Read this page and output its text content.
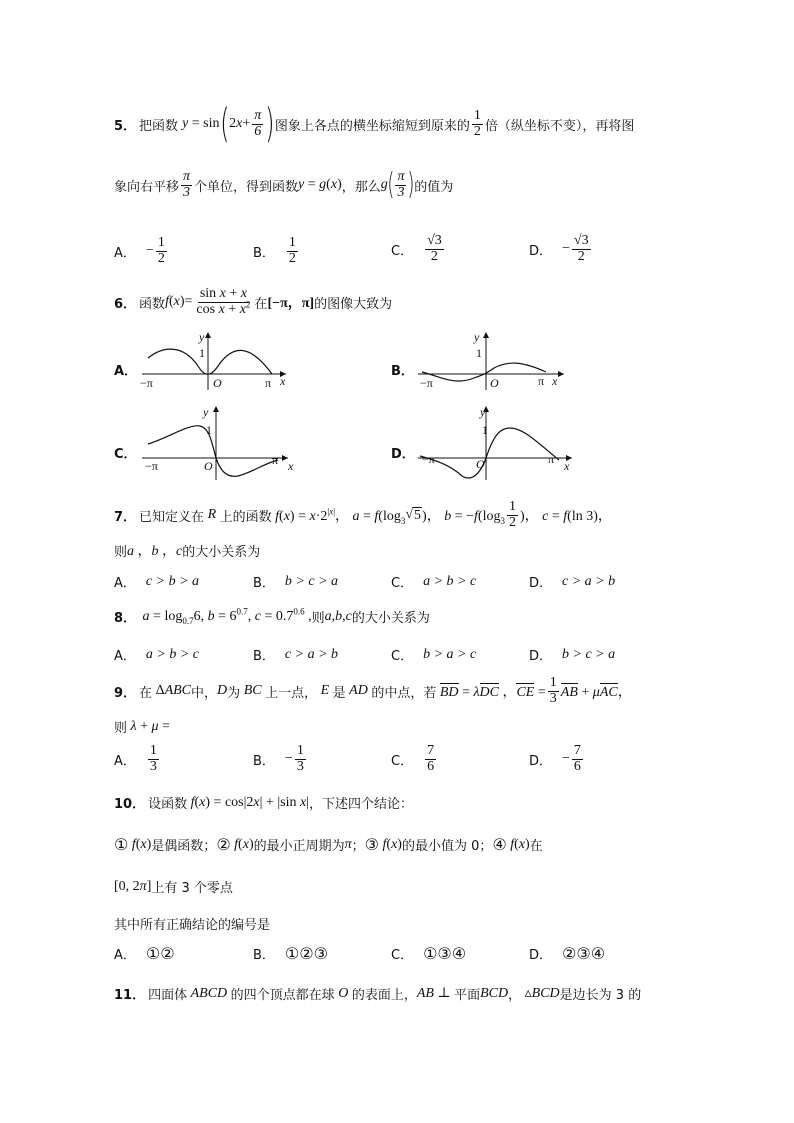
5． 把函数 y = sin ( $2x+ \frac{\pi}{6}$ ) 图象上各点的横坐标缩短到原来的 $\frac{1}{2}$ 倍（纵坐标不变），再将图
象向右平移 $\frac{\pi}{3}$ 个单位，得到函数 y = g ( x ) ，那么 g ( $\frac{\pi}{3}$ ) 的值为
A． − $\frac{1}{2}$	B． $\frac{1}{2}$	C． $\frac{√3}{2}$	D． − $\frac{√3}{2}$
6． 函数 $f(x)= \frac{\text{sin x + x}}{\cos x + x^2}$ 在 [−π，π] 的图像大致为
A．
y
1
O
−π	π x
B．
y
1
O
−π	π x
C．
y
1
O
−π	π x
D．
y
1
O
−π	π x
7． 已知定义在 R 上的函数 $f(x) = x\cdot 2^{|x|}$， $a = f(\log_3$ √ 5 )， $b = -f(\log_3 \frac{1}{2}$ )， c = f(ln 3)，
则 a ，b ，c 的大小关系为
A． c > b > a	B． b > c > a	C． a > b > c	D． c > a > b
8． $a = \log_{0.7}6$, $b = 6^{0.7}$, $c = 0.7^{0.6}$ , 则 a,b,c 的大小关系为
A． a > b > c	B． c > a > b	C． b > a > c	D． b > c > a
9． 在 ΔABC 中， D 为 BC 上一点， E 是 AD 的中点，若 BD = λDC ，CE = $\frac{1}{3}$ AB + μAC，
则 λ + μ =
A． $\frac{1}{3}$	B． − $\frac{1}{3}$	C． $\frac{7}{6}$	D． − $\frac{7}{6}$
10． 设函数 f(x) = cos|2x| + |sin x| ，下述四个结论：
① f(x) 是偶函数； ② f(x) 的最小正周期为 π ； ③ f(x) 的最小值为 0； ④ f(x) 在
[0, 2π] 上有 3 个零点
其中所有正确结论的编号是
A． ①②	B． ①②③	C． ①③④	D． ②③④
11． 四面体 ABCD 的四个顶点都在球 O 的表面上， AB ⊥ 平面 BCD ， ▵BCD 是边长为 3 的
